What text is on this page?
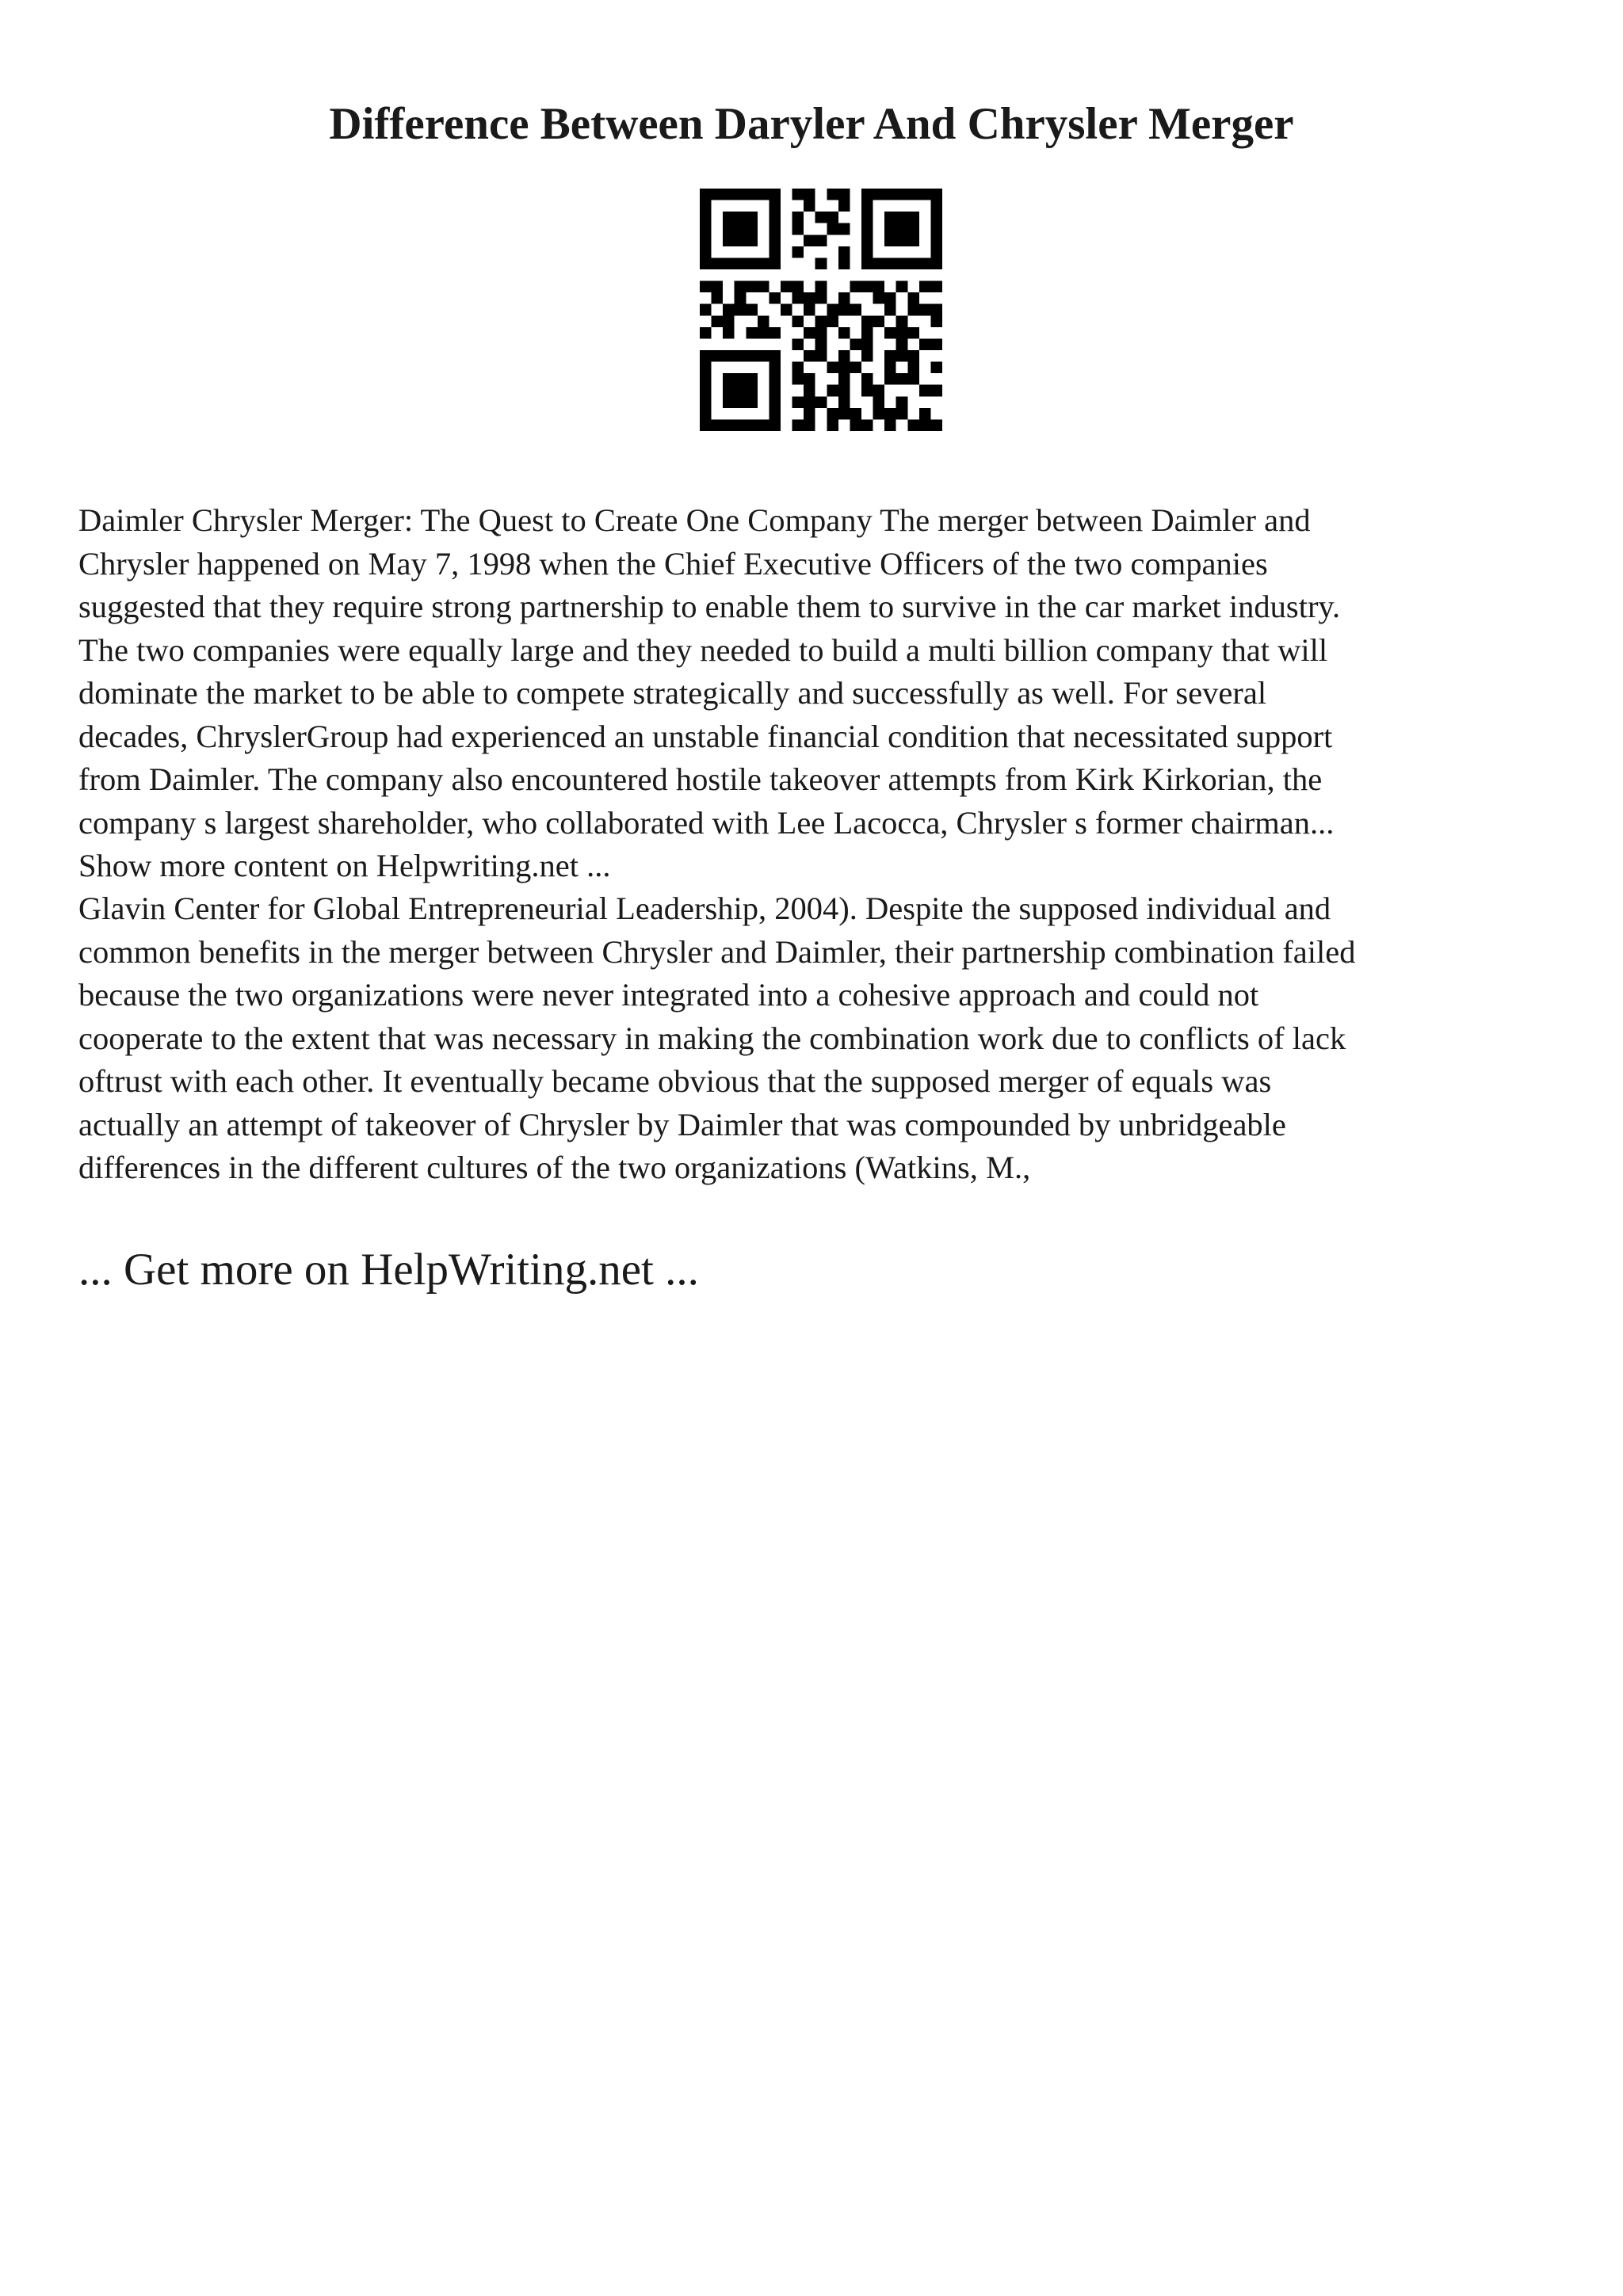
Difference Between Daryler And Chrysler Merger
Daimler Chrysler Merger: The Quest to Create One Company The merger between Daimler and
Chrysler happened on May 7, 1998 when the Chief Executive Officers of the two companies
suggested that they require strong partnership to enable them to survive in the car market industry.
The two companies were equally large and they needed to build a multi billion company that will
dominate the market to be able to compete strategically and successfully as well. For several
decades, ChryslerGroup had experienced an unstable financial condition that necessitated support
from Daimler. The company also encountered hostile takeover attempts from Kirk Kirkorian, the
company s largest shareholder, who collaborated with Lee Lacocca, Chrysler s former chairman...
Show more content on Helpwriting.net ...
Glavin Center for Global Entrepreneurial Leadership, 2004). Despite the supposed individual and
common benefits in the merger between Chrysler and Daimler, their partnership combination failed
because the two organizations were never integrated into a cohesive approach and could not
cooperate to the extent that was necessary in making the combination work due to conflicts of lack
oftrust with each other. It eventually became obvious that the supposed merger of equals was
actually an attempt of takeover of Chrysler by Daimler that was compounded by unbridgeable
differences in the different cultures of the two organizations (Watkins, M.,

... Get more on HelpWriting.net ...
